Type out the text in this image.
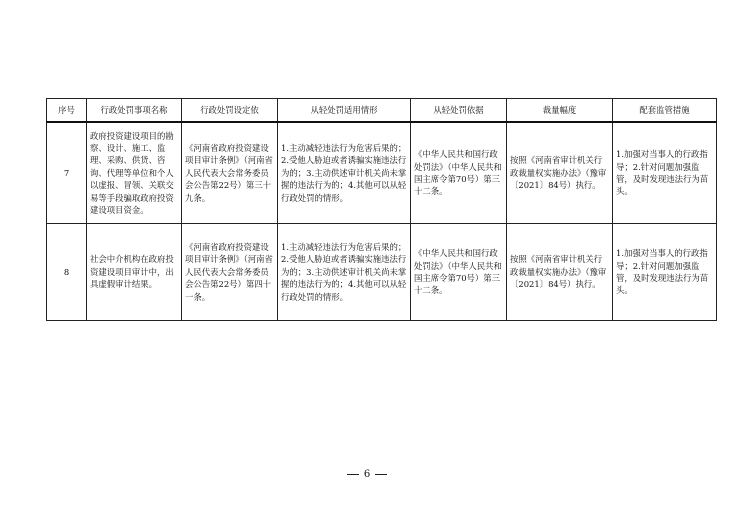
序号	行政处罚事项名称	行政处罚设定依	从轻处罚适用情形	从轻处罚依据	裁量幅度	配套监管措施
7	政府投资建设项目的勘察、设计、施工、监理、采购、供货、咨询、代理等单位和个人以虚报、冒领、关联交易等手段骗取政府投资建设项目资金。	《河南省政府投资建设项目审计条例》（河南省人民代表大会常务委员会公告第22号）第三十九条。	1.主动减轻违法行为危害后果的；2.受他人胁迫或者诱骗实施违法行为的；3.主动供述审计机关尚未掌握的违法行为的；4.其他可以从轻行政处罚的情形。	《中华人民共和国行政处罚法》（中华人民共和国主席令第70号）第三十二条。	按照《河南省审计机关行政裁量权实施办法》（豫审〔2021〕84号）执行。	1.加强对当事人的行政指导；2.针对问题加强监管，及时发现违法行为苗头。
8	社会中介机构在政府投资建设项目审计中，出具虚假审计结果。	《河南省政府投资建设项目审计条例》（河南省人民代表大会常务委员会公告第22号）第四十一条。	1.主动减轻违法行为危害后果的；2.受他人胁迫或者诱骗实施违法行为的；3.主动供述审计机关尚未掌握的违法行为的；4.其他可以从轻行政处罚的情形。	《中华人民共和国行政处罚法》（中华人民共和国主席令第70号）第三十二条。	按照《河南省审计机关行政裁量权实施办法》（豫审〔2021〕84号）执行。	1.加强对当事人的行政指导；2.针对问题加强监管，及时发现违法行为苗头。
6
